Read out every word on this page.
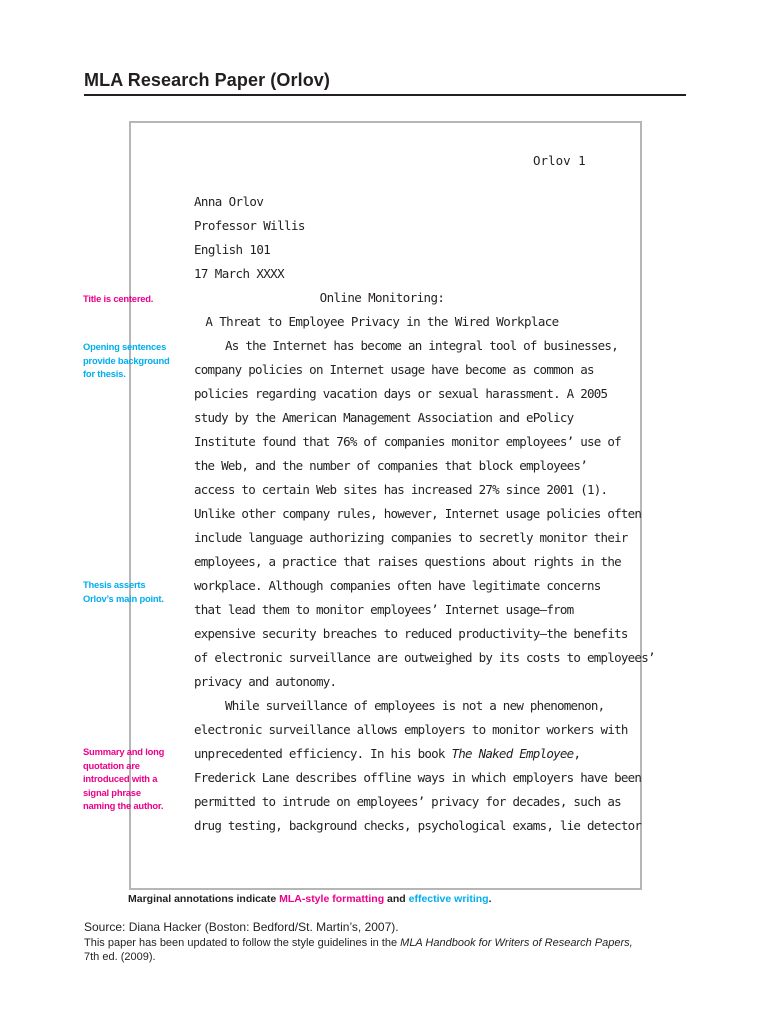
MLA Research Paper (Orlov)
Orlov 1
Anna Orlov
Professor Willis
English 101
17 March XXXX
Online Monitoring:
A Threat to Employee Privacy in the Wired Workplace
As the Internet has become an integral tool of businesses,
company policies on Internet usage have become as common as
policies regarding vacation days or sexual harassment. A 2005
study by the American Management Association and ePolicy
Institute found that 76% of companies monitor employees’ use of
the Web, and the number of companies that block employees’
access to certain Web sites has increased 27% since 2001 (1).
Unlike other company rules, however, Internet usage policies often
include language authorizing companies to secretly monitor their
employees, a practice that raises questions about rights in the
workplace. Although companies often have legitimate concerns
that lead them to monitor employees’ Internet usage—from
expensive security breaches to reduced productivity—the benefits
of electronic surveillance are outweighed by its costs to employees’
privacy and autonomy.
While surveillance of employees is not a new phenomenon,
electronic surveillance allows employers to monitor workers with
unprecedented efficiency. In his book The Naked Employee,
Frederick Lane describes offline ways in which employers have been
permitted to intrude on employees’ privacy for decades, such as
drug testing, background checks, psychological exams, lie detector
Title is centered.
Opening sentences
provide background
for thesis.
Thesis asserts
Orlov’s main point.
Summary and long
quotation are
introduced with a
signal phrase
naming the author.
Marginal annotations indicate MLA-style formatting and effective writing.
Source: Diana Hacker (Boston: Bedford/St. Martin’s, 2007).
This paper has been updated to follow the style guidelines in the MLA Handbook for Writers of Research Papers,
7th ed. (2009).
